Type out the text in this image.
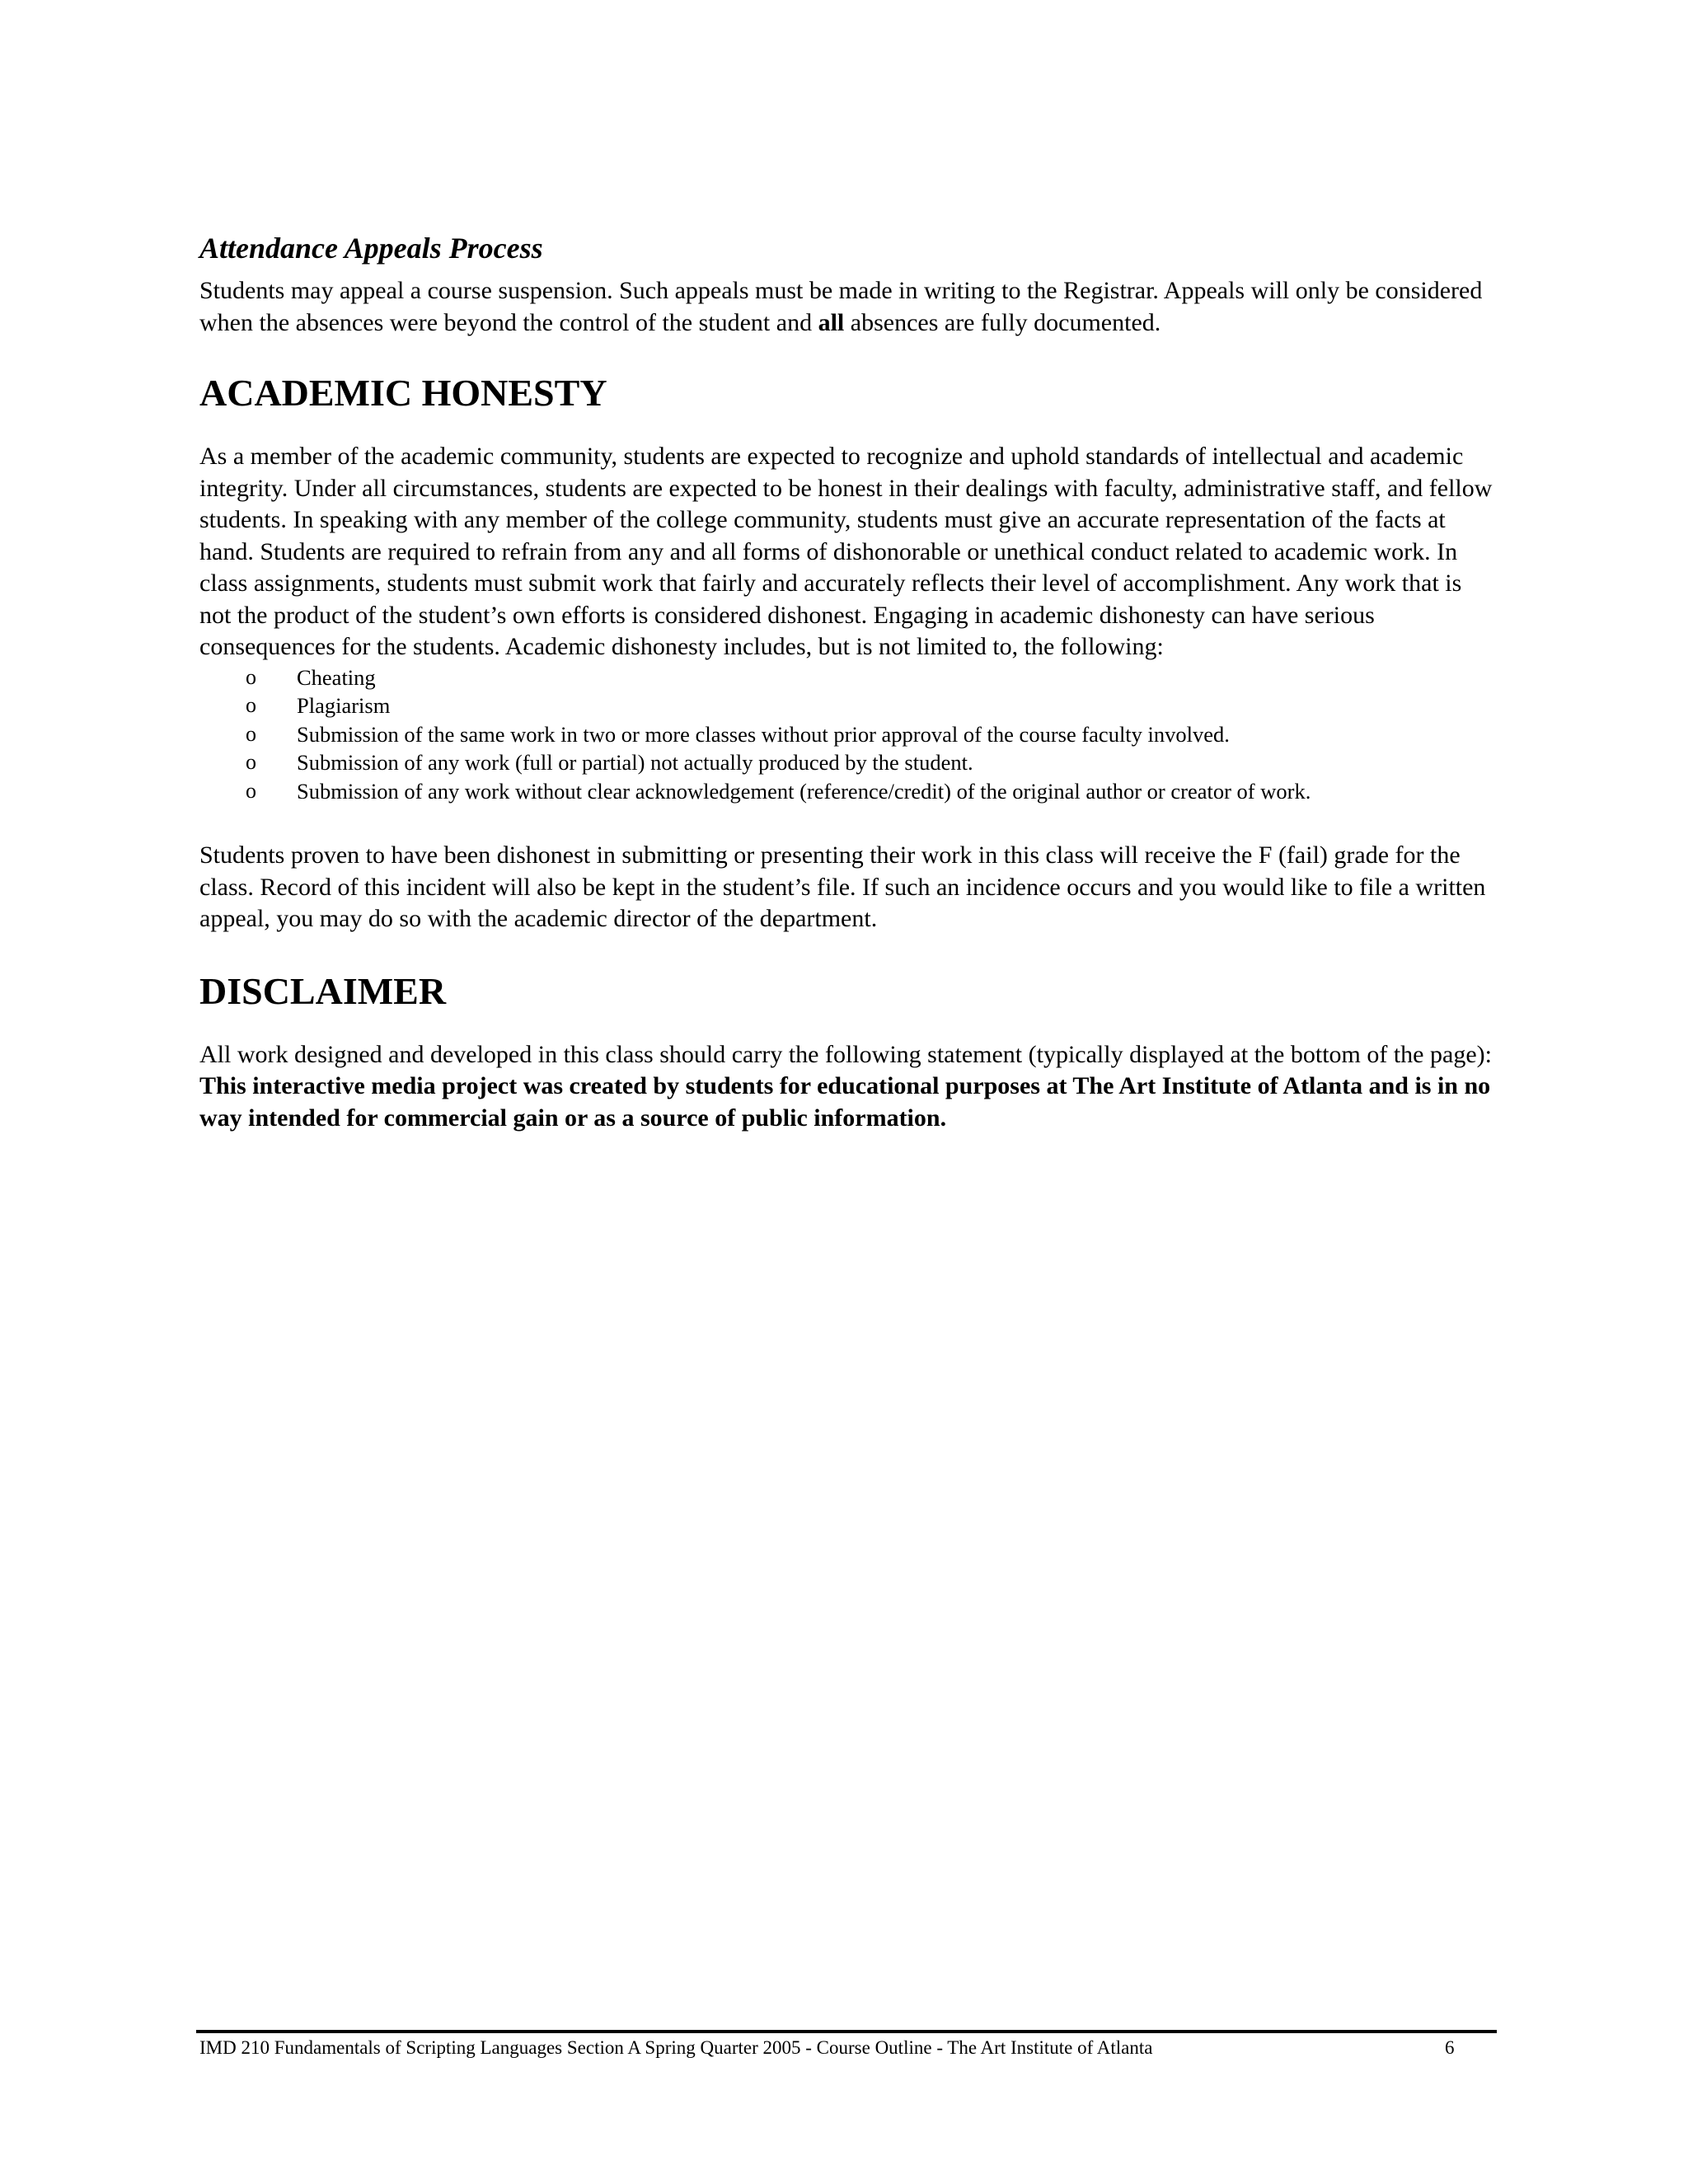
Attendance Appeals Process

Students may appeal a course suspension. Such appeals must be made in writing to the Registrar. Appeals will only be considered when the absences were beyond the control of the student and all absences are fully documented.

ACADEMIC HONESTY

As a member of the academic community, students are expected to recognize and uphold standards of intellectual and academic integrity. Under all circumstances, students are expected to be honest in their dealings with faculty, administrative staff, and fellow students. In speaking with any member of the college community, students must give an accurate representation of the facts at hand. Students are required to refrain from any and all forms of dishonorable or unethical conduct related to academic work. In class assignments, students must submit work that fairly and accurately reflects their level of accomplishment. Any work that is not the product of the student’s own efforts is considered dishonest. Engaging in academic dishonesty can have serious consequences for the students. Academic dishonesty includes, but is not limited to, the following:

o Cheating
o Plagiarism
o Submission of the same work in two or more classes without prior approval of the course faculty involved.
o Submission of any work (full or partial) not actually produced by the student.
o Submission of any work without clear acknowledgement (reference/credit) of the original author or creator of work.

Students proven to have been dishonest in submitting or presenting their work in this class will receive the F (fail) grade for the class. Record of this incident will also be kept in the student’s file. If such an incidence occurs and you would like to file a written appeal, you may do so with the academic director of the department.

DISCLAIMER

All work designed and developed in this class should carry the following statement (typically displayed at the bottom of the page):

This interactive media project was created by students for educational purposes at The Art Institute of Atlanta and is in no way intended for commercial gain or as a source of public information.

IMD 210 Fundamentals of Scripting Languages Section A Spring Quarter 2005 - Course Outline - The Art Institute of Atlanta	6
